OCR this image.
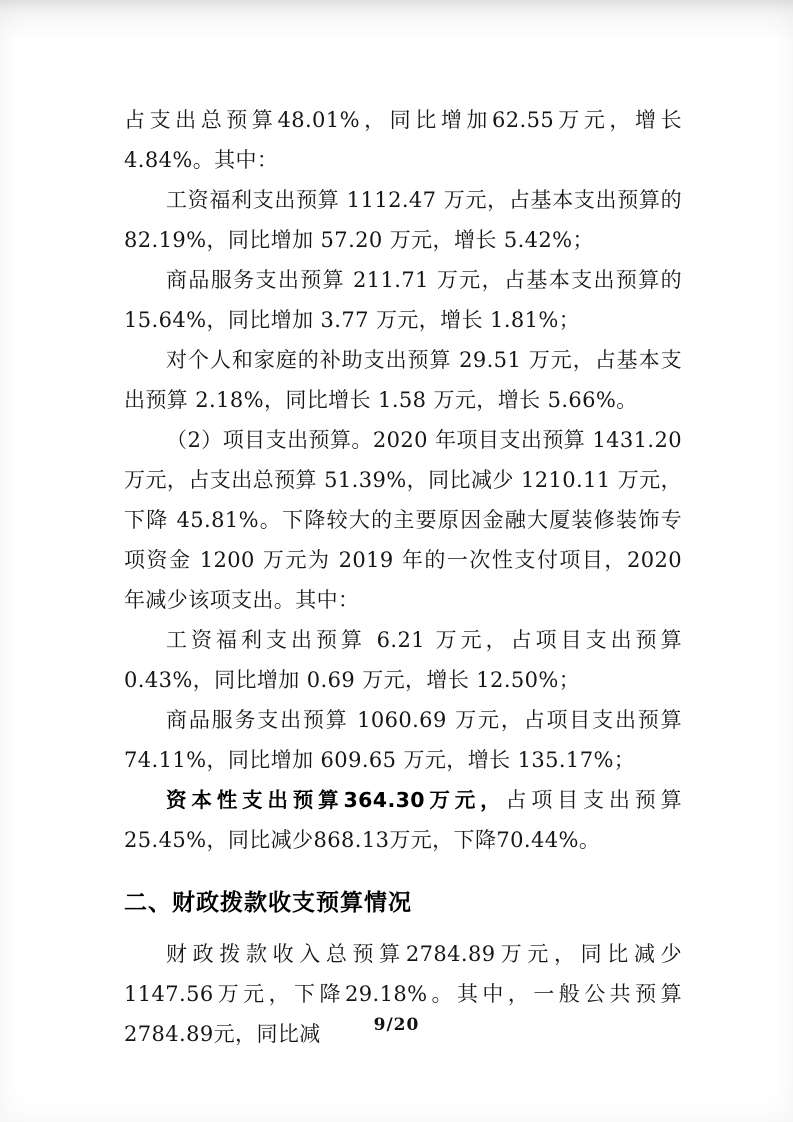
占支出总预算48.01%，同比增加62.55万元，增长4.84%。其中：

工资福利支出预算 1112.47 万元，占基本支出预算的 82.19%，同比增加 57.20 万元，增长 5.42%；

商品服务支出预算 211.71 万元，占基本支出预算的 15.64%，同比增加 3.77 万元，增长 1.81%；

对个人和家庭的补助支出预算 29.51 万元，占基本支出预算 2.18%，同比增长 1.58 万元，增长 5.66%。

（2）项目支出预算。2020 年项目支出预算 1431.20 万元，占支出总预算 51.39%，同比减少 1210.11 万元，下降 45.81%。下降较大的主要原因金融大厦装修装饰专项资金 1200 万元为 2019 年的一次性支付项目，2020 年减少该项支出。其中：

工资福利支出预算 6.21 万元，占项目支出预算 0.43%，同比增加 0.69 万元，增长 12.50%；

商品服务支出预算 1060.69 万元，占项目支出预算 74.11%，同比增加 609.65 万元，增长 135.17%；

资本性支出预算364.30万元，占项目支出预算25.45%，同比减少868.13万元，下降70.44%。

二、财政拨款收支预算情况

财政拨款收入总预算2784.89万元，同比减少1147.56万元，下降29.18%。其中，一般公共预算2784.89元，同比减	9/20
